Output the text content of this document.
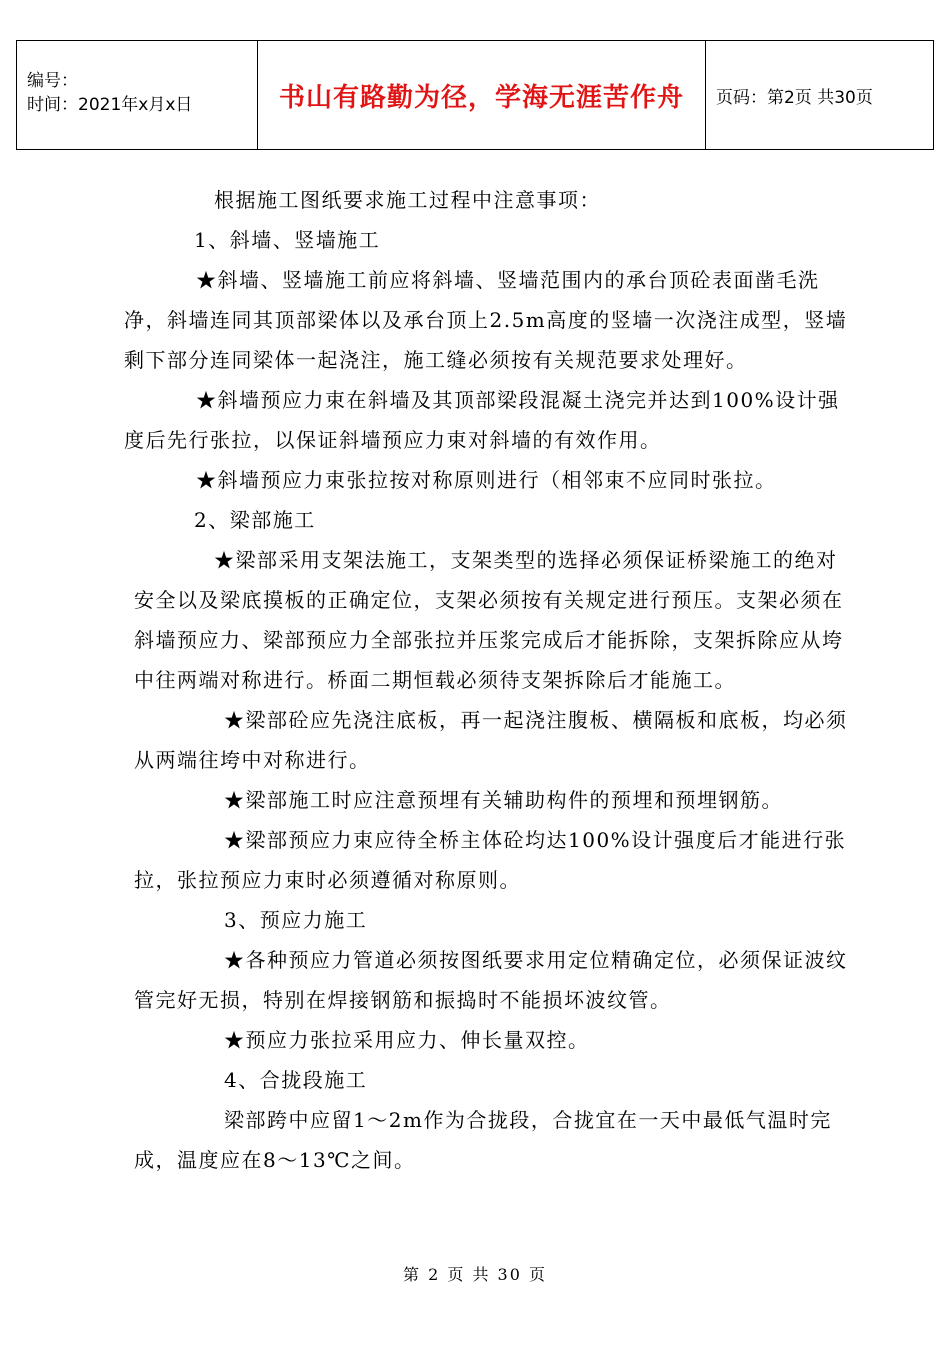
编号：
时间：2021年x月x日	书山有路勤为径，学海无涯苦作舟	页码：第2页 共30页

根据施工图纸要求施工过程中注意事项：

1、斜墙、竖墙施工

★斜墙、竖墙施工前应将斜墙、竖墙范围内的承台顶砼表面凿毛洗净，斜墙连同其顶部梁体以及承台顶上2.5m高度的竖墙一次浇注成型，竖墙剩下部分连同梁体一起浇注，施工缝必须按有关规范要求处理好。

★斜墙预应力束在斜墙及其顶部梁段混凝土浇完并达到100%设计强度后先行张拉，以保证斜墙预应力束对斜墙的有效作用。

★斜墙预应力束张拉按对称原则进行（相邻束不应同时张拉。

2、梁部施工

★梁部采用支架法施工，支架类型的选择必须保证桥梁施工的绝对安全以及梁底摸板的正确定位，支架必须按有关规定进行预压。支架必须在斜墙预应力、梁部预应力全部张拉并压浆完成后才能拆除，支架拆除应从垮中往两端对称进行。桥面二期恒载必须待支架拆除后才能施工。

★梁部砼应先浇注底板，再一起浇注腹板、横隔板和底板，均必须从两端往垮中对称进行。

★梁部施工时应注意预埋有关辅助构件的预埋和预埋钢筋。

★梁部预应力束应待全桥主体砼均达100%设计强度后才能进行张拉，张拉预应力束时必须遵循对称原则。

3、预应力施工

★各种预应力管道必须按图纸要求用定位精确定位，必须保证波纹管完好无损，特别在焊接钢筋和振捣时不能损坏波纹管。

★预应力张拉采用应力、伸长量双控。

4、合拢段施工

梁部跨中应留1～2m作为合拢段，合拢宜在一天中最低气温时完成，温度应在8～13℃之间。

第 2 页 共 30 页
